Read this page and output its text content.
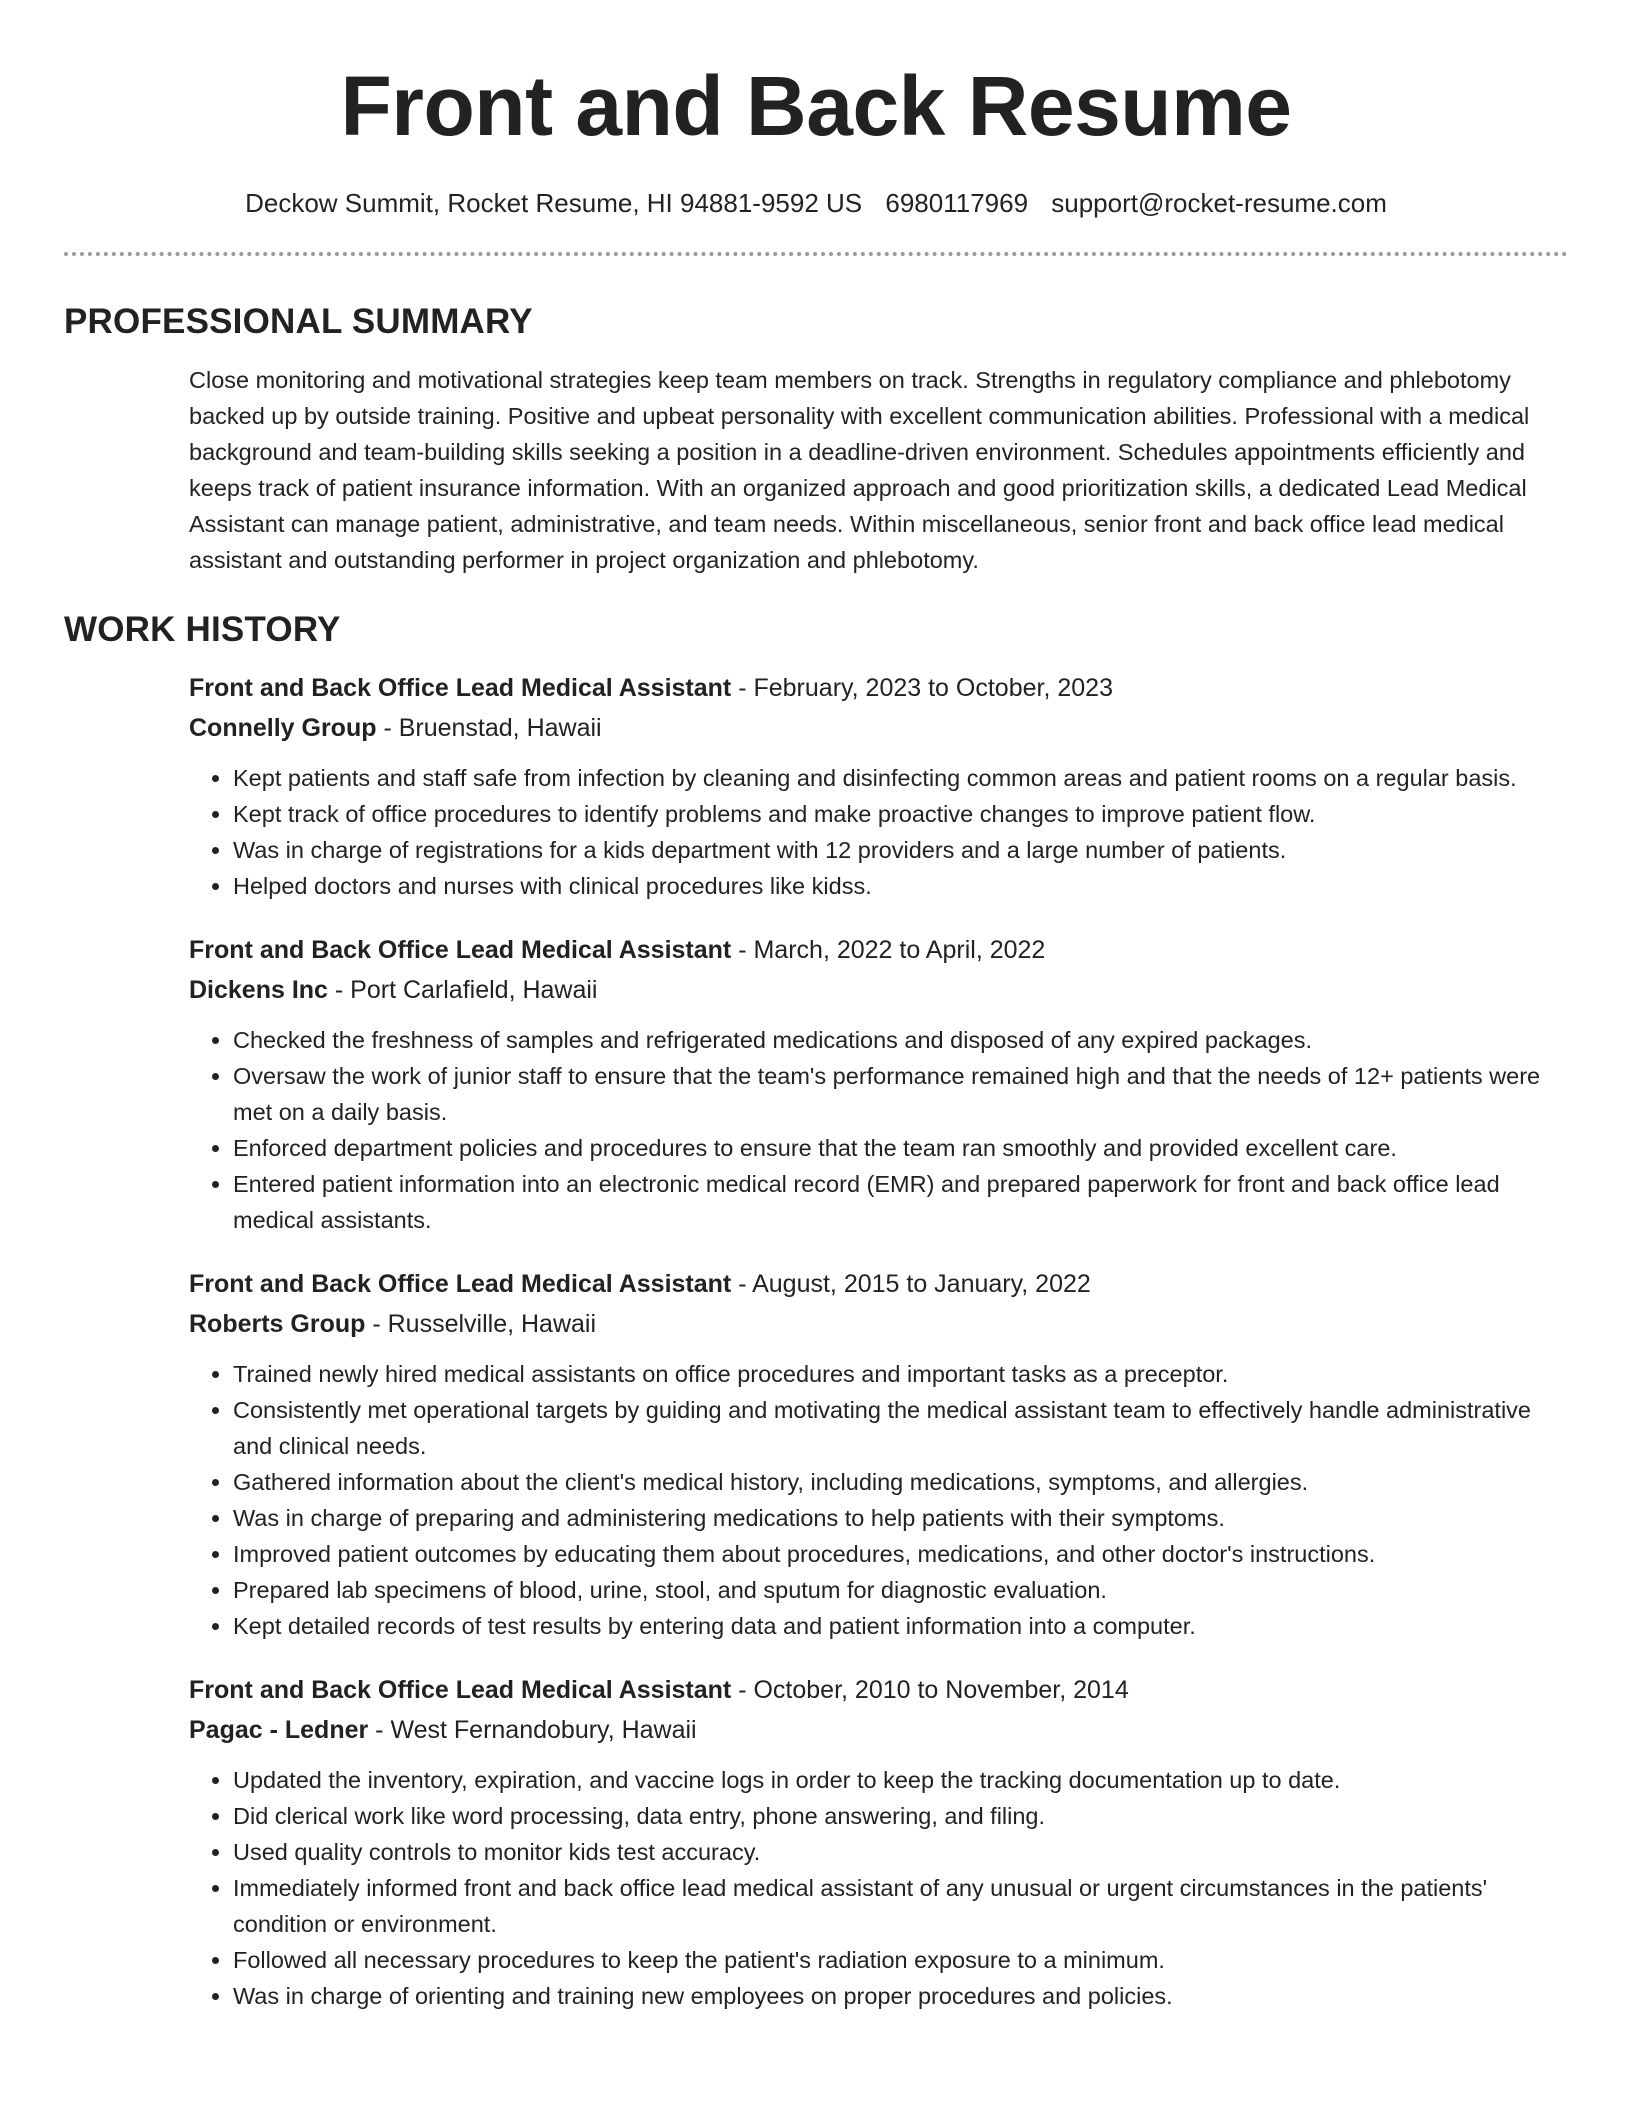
Front and Back Resume
Deckow Summit, Rocket Resume, HI 94881-9592 US 6980117969 support@rocket-resume.com
PROFESSIONAL SUMMARY

Close monitoring and motivational strategies keep team members on track. Strengths in regulatory compliance and phlebotomy backed up by outside training. Positive and upbeat personality with excellent communication abilities. Professional with a medical background and team-building skills seeking a position in a deadline-driven environment. Schedules appointments efficiently and keeps track of patient insurance information. With an organized approach and good prioritization skills, a dedicated Lead Medical Assistant can manage patient, administrative, and team needs. Within miscellaneous, senior front and back office lead medical assistant and outstanding performer in project organization and phlebotomy.

WORK HISTORY
Front and Back Office Lead Medical Assistant - February, 2023 to October, 2023
Connelly Group - Bruenstad, Hawaii
• Kept patients and staff safe from infection by cleaning and disinfecting common areas and patient rooms on a regular basis.
• Kept track of office procedures to identify problems and make proactive changes to improve patient flow.
• Was in charge of registrations for a kids department with 12 providers and a large number of patients.
• Helped doctors and nurses with clinical procedures like kidss.
Front and Back Office Lead Medical Assistant - March, 2022 to April, 2022
Dickens Inc - Port Carlafield, Hawaii
• Checked the freshness of samples and refrigerated medications and disposed of any expired packages.
• Oversaw the work of junior staff to ensure that the team's performance remained high and that the needs of 12+ patients were met on a daily basis.
• Enforced department policies and procedures to ensure that the team ran smoothly and provided excellent care.
• Entered patient information into an electronic medical record (EMR) and prepared paperwork for front and back office lead medical assistants.
Front and Back Office Lead Medical Assistant - August, 2015 to January, 2022
Roberts Group - Russelville, Hawaii
• Trained newly hired medical assistants on office procedures and important tasks as a preceptor.
• Consistently met operational targets by guiding and motivating the medical assistant team to effectively handle administrative and clinical needs.
• Gathered information about the client's medical history, including medications, symptoms, and allergies.
• Was in charge of preparing and administering medications to help patients with their symptoms.
• Improved patient outcomes by educating them about procedures, medications, and other doctor's instructions.
• Prepared lab specimens of blood, urine, stool, and sputum for diagnostic evaluation.
• Kept detailed records of test results by entering data and patient information into a computer.
Front and Back Office Lead Medical Assistant - October, 2010 to November, 2014
Pagac - Ledner - West Fernandobury, Hawaii
• Updated the inventory, expiration, and vaccine logs in order to keep the tracking documentation up to date.
• Did clerical work like word processing, data entry, phone answering, and filing.
• Used quality controls to monitor kids test accuracy.
• Immediately informed front and back office lead medical assistant of any unusual or urgent circumstances in the patients' condition or environment.
• Followed all necessary procedures to keep the patient's radiation exposure to a minimum.
• Was in charge of orienting and training new employees on proper procedures and policies.
